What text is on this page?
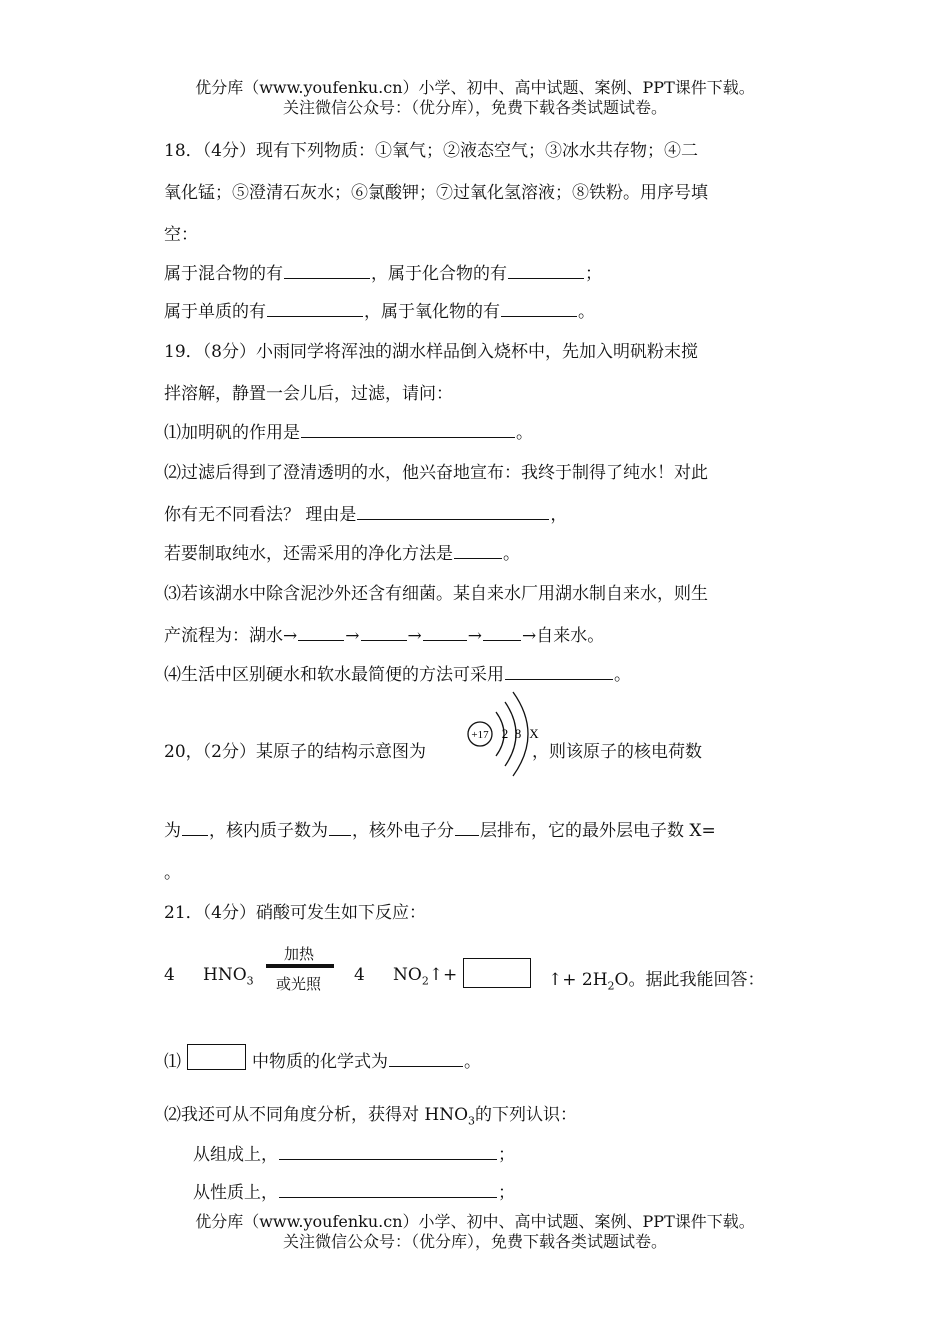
优分库（www.youfenku.cn）小学、初中、高中试题、案例、PPT课件下载。
关注微信公众号：（优分库），免费下载各类试题试卷。
18．（4分）现有下列物质：①氧气；②液态空气；③冰水共存物；④二
氧化锰；⑤澄清石灰水；⑥氯酸钾；⑦过氧化氢溶液；⑧铁粉。用序号填
空：
属于混合物的有	，属于化合物的有	；
属于单质的有	，属于氧化物的有	。
19．（8分）小雨同学将浑浊的湖水样品倒入烧杯中，先加入明矾粉末搅
拌溶解，静置一会儿后，过滤，请问：
⑴加明矾的作用是	。
⑵过滤后得到了澄清透明的水，他兴奋地宣布：我终于制得了纯水！对此
你有无不同看法？ 理由是	，
若要制取纯水，还需采用的净化方法是	。
⑶若该湖水中除含泥沙外还含有细菌。某自来水厂用湖水制自来水，则生
产流程为：湖水→	→	→	→ →自来水。
⑷生活中区别硬水和软水最简便的方法可采用	。
20，（2分）某原子的结构示意图为
+17 2 8 X
，则该原子的核电荷数
为 ，核内质子数为 ，核外电子分 层排布，它的最外层电子数 X=
。
21．（4分）硝酸可发生如下反应：
4 $HNO_3$
加热
或光照 4 $NO_2↑+$	↑+ $2H_2O$。据此我能回答：
⑴	中物质的化学式为	。
⑵我还可从不同角度分析，获得对 $HNO_3$的下列认识：
从组成上，	；
从性质上，	；
优分库（www.youfenku.cn）小学、初中、高中试题、案例、PPT课件下载。
关注微信公众号：（优分库），免费下载各类试题试卷。
